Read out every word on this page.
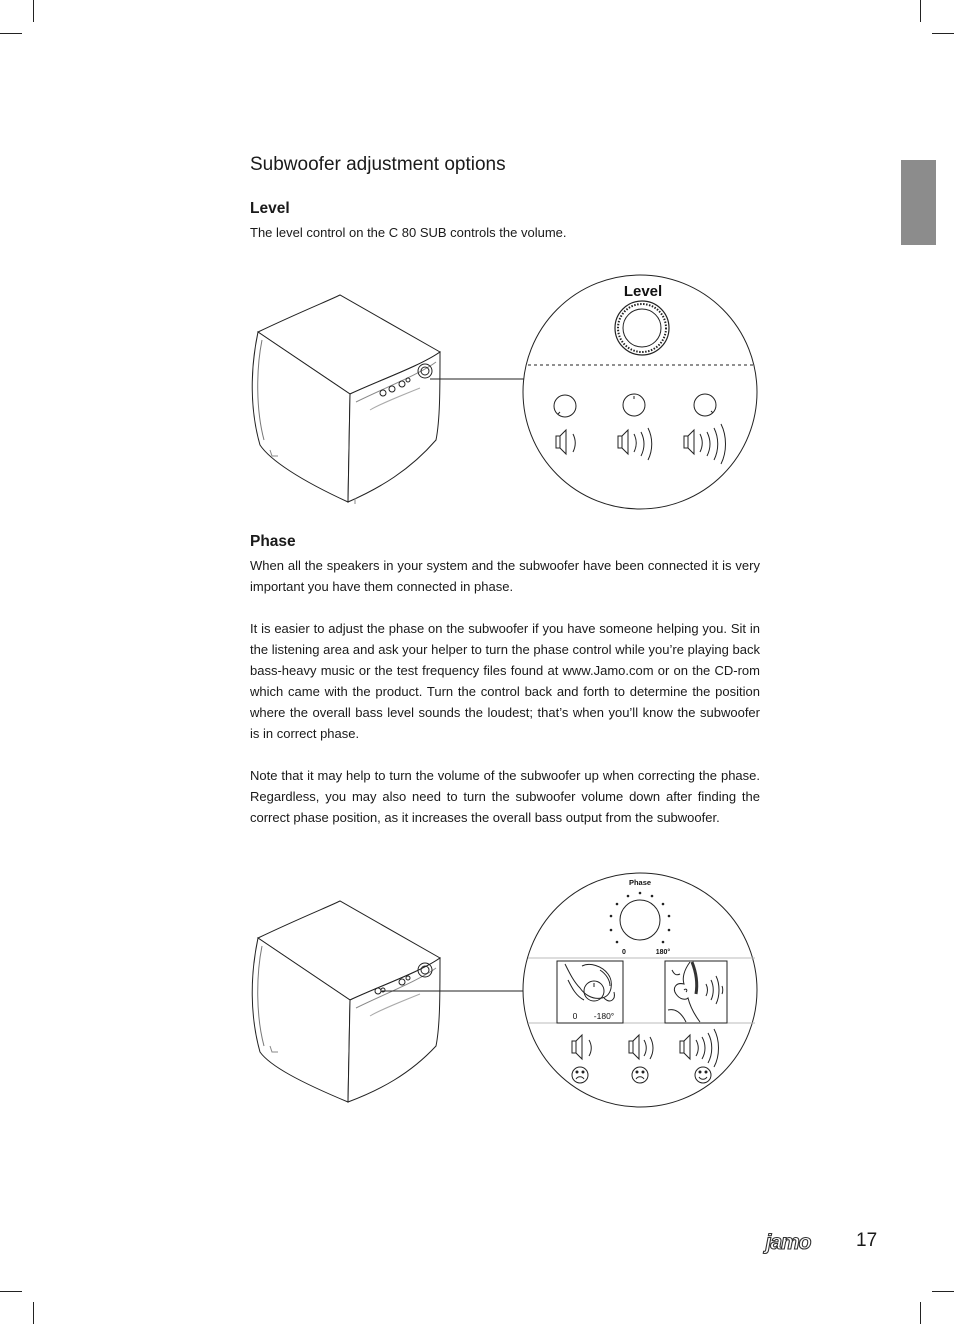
Subwoofer adjustment options
Level

The level control on the C 80 SUB controls the volume.

Level
Phase

When all the speakers in your system and the subwoofer have been connected it is very important you have them connected in phase.

It is easier to adjust the phase on the subwoofer if you have someone helping you. Sit in the listening area and ask your helper to turn the phase control while you’re playing back bass-heavy music or the test frequency files found at www.Jamo.com or on the CD-rom which came with the product. Turn the control back and forth to determine the position where the overall bass level sounds the loudest; that’s when you’ll know the subwoofer is in correct phase.

Note that it may help to turn the volume of the subwoofer up when correcting the phase. Regardless, you may also need to turn the subwoofer volume down after finding the correct phase position, as it increases the overall bass output from the subwoofer.

Phase
0	180°
0 -180°
jamo 17
